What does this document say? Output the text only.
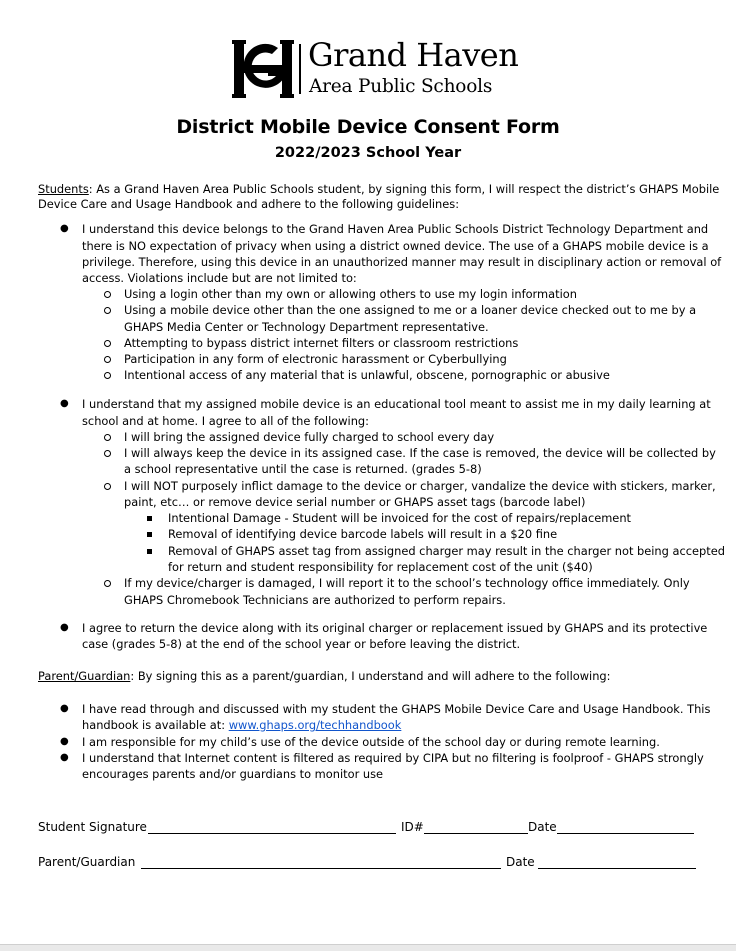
Grand Haven
Area Public Schools
District Mobile Device Consent Form
2022/2023 School Year
Students: As a Grand Haven Area Public Schools student, by signing this form, I will respect the district’s GHAPS Mobile
Device Care and Usage Handbook and adhere to the following guidelines:
● I understand this device belongs to the Grand Haven Area Public Schools District Technology Department and
there is NO expectation of privacy when using a district owned device. The use of a GHAPS mobile device is a
privilege. Therefore, using this device in an unauthorized manner may result in disciplinary action or removal of
access. Violations include but are not limited to:
Using a login other than my own or allowing others to use my login information
Using a mobile device other than the one assigned to me or a loaner device checked out to me by a
GHAPS Media Center or Technology Department representative.
Attempting to bypass district internet filters or classroom restrictions
Participation in any form of electronic harassment or Cyberbullying
Intentional access of any material that is unlawful, obscene, pornographic or abusive
● I understand that my assigned mobile device is an educational tool meant to assist me in my daily learning at
school and at home. I agree to all of the following:
I will bring the assigned device fully charged to school every day
I will always keep the device in its assigned case. If the case is removed, the device will be collected by
a school representative until the case is returned. (grades 5-8)
I will NOT purposely inflict damage to the device or charger, vandalize the device with stickers, marker,
paint, etc… or remove device serial number or GHAPS asset tags (barcode label)
Intentional Damage - Student will be invoiced for the cost of repairs/replacement
Removal of identifying device barcode labels will result in a $20 fine
Removal of GHAPS asset tag from assigned charger may result in the charger not being accepted
for return and student responsibility for replacement cost of the unit ($40)
If my device/charger is damaged, I will report it to the school’s technology office immediately. Only
GHAPS Chromebook Technicians are authorized to perform repairs.
● I agree to return the device along with its original charger or replacement issued by GHAPS and its protective
case (grades 5-8) at the end of the school year or before leaving the district.
Parent/Guardian: By signing this as a parent/guardian, I understand and will adhere to the following:
● I have read through and discussed with my student the GHAPS Mobile Device Care and Usage Handbook. This
handbook is available at: www.ghaps.org/techhandbook
● I am responsible for my child’s use of the device outside of the school day or during remote learning.
● I understand that Internet content is filtered as required by CIPA but no filtering is foolproof - GHAPS strongly
encourages parents and/or guardians to monitor use
Student Signature	ID#	Date
Parent/Guardian	Date
